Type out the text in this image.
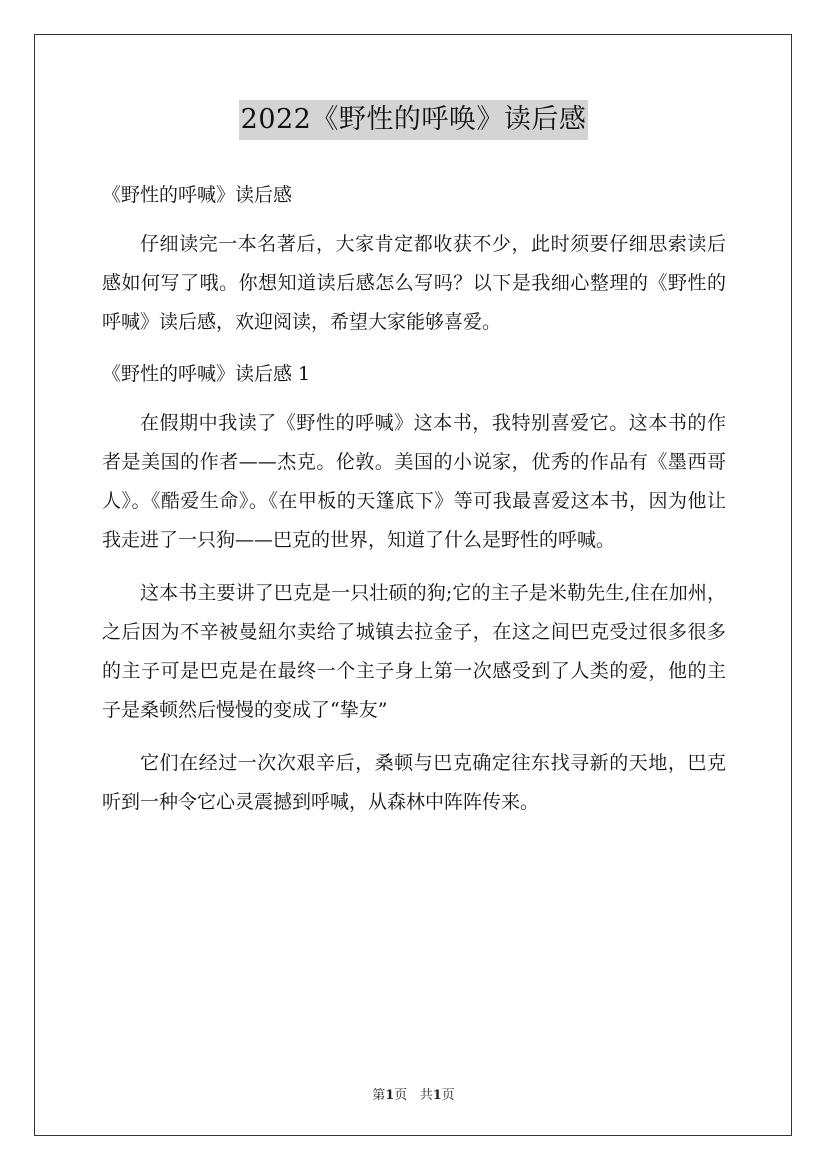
2022《野性的呼唤》读后感

《野性的呼喊》读后感

仔细读完一本名著后，大家肯定都收获不少，此时须要仔细思索读后感如何写了哦。你想知道读后感怎么写吗？以下是我细心整理的《野性的呼喊》读后感，欢迎阅读，希望大家能够喜爱。

《野性的呼喊》读后感 1

在假期中我读了《野性的呼喊》这本书，我特别喜爱它。这本书的作者是美国的作者——杰克。伦敦。美国的小说家，优秀的作品有《墨西哥人》。《酷爱生命》。《在甲板的天篷底下》等可我最喜爱这本书，因为他让我走进了一只狗——巴克的世界，知道了什么是野性的呼喊。

这本书主要讲了巴克是一只壮硕的狗;它的主子是米勒先生,住在加州，之后因为不辛被曼紐尔卖给了城镇去拉金子，在这之间巴克受过很多很多的主子可是巴克是在最终一个主子身上第一次感受到了人类的爱，他的主子是桑顿然后慢慢的变成了“挚友”

它们在经过一次次艰辛后，桑顿与巴克确定往东找寻新的天地，巴克听到一种令它心灵震撼到呼喊，从森林中阵阵传来。

第1页   共1页
